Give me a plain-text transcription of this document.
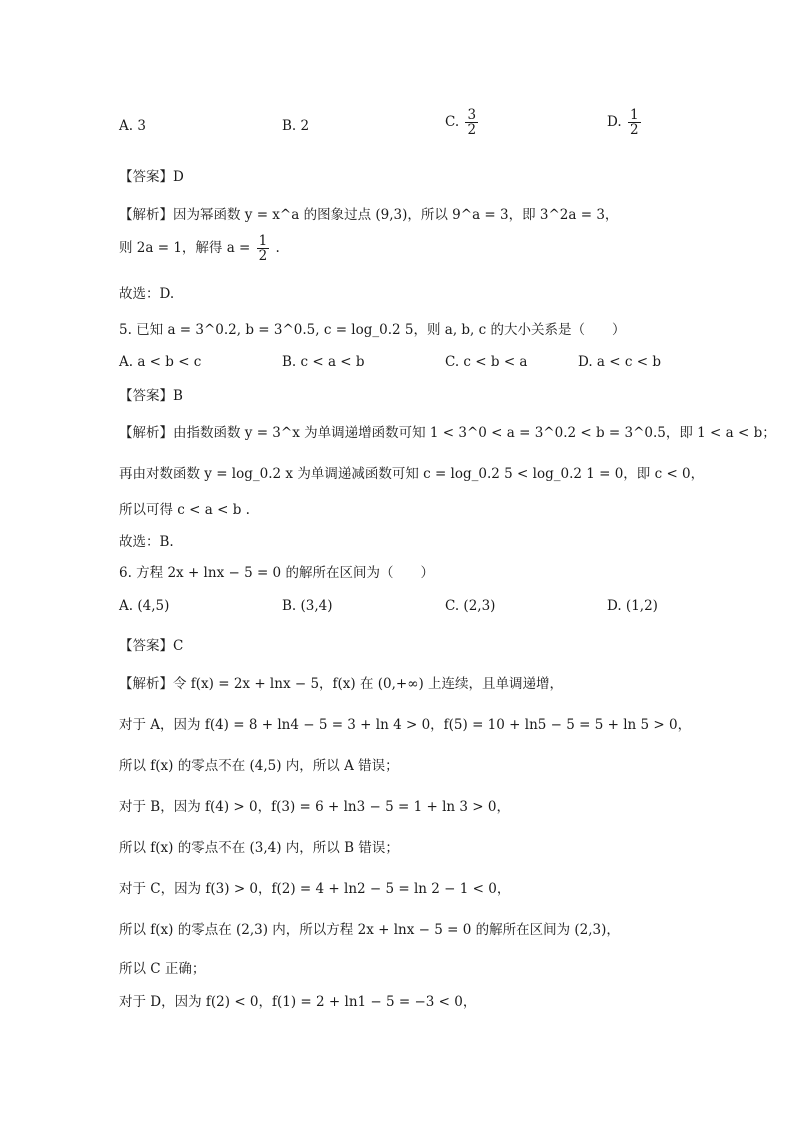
A. 3	B. 2	C. $\frac{3}{2}$	D. $\frac{1}{2}$
【答案】D
【解析】因为幂函数 y = x^a 的图象过点 (9,3)，所以 9^a = 3，即 3^2a = 3，
则 2a = 1，解得 $a = \frac{1}{2}$ .
故选：D.
5. 已知 a = 3^0.2, b = 3^0.5, c = log_0.2 5，则 a, b, c 的大小关系是（　　）
A. a < b < c	B. c < a < b	C. c < b < a	D. a < c < b
【答案】B
【解析】由指数函数 y = 3^x 为单调递增函数可知 1 < 3^0 < a = 3^0.2 < b = 3^0.5，即 1 < a < b；
再由对数函数 y = log_0.2 x 为单调递减函数可知 c = log_0.2 5 < log_0.2 1 = 0，即 c < 0，
所以可得 c < a < b .
故选：B.
6. 方程 2x + lnx − 5 = 0 的解所在区间为（　　）
A. (4,5)	B. (3,4)	C. (2,3)	D. (1,2)
【答案】C
【解析】令 f(x) = 2x + lnx − 5，f(x) 在 (0,+∞) 上连续，且单调递增，
对于 A，因为 f(4) = 8 + ln4 − 5 = 3 + ln 4 > 0，f(5) = 10 + ln5 − 5 = 5 + ln 5 > 0，
所以 f(x) 的零点不在 (4,5) 内，所以 A 错误；
对于 B，因为 f(4) > 0，f(3) = 6 + ln3 − 5 = 1 + ln 3 > 0，
所以 f(x) 的零点不在 (3,4) 内，所以 B 错误；
对于 C，因为 f(3) > 0，f(2) = 4 + ln2 − 5 = ln 2 − 1 < 0，
所以 f(x) 的零点在 (2,3) 内，所以方程 2x + lnx − 5 = 0 的解所在区间为 (2,3)，
所以 C 正确；
对于 D，因为 f(2) < 0，f(1) = 2 + ln1 − 5 = −3 < 0，
